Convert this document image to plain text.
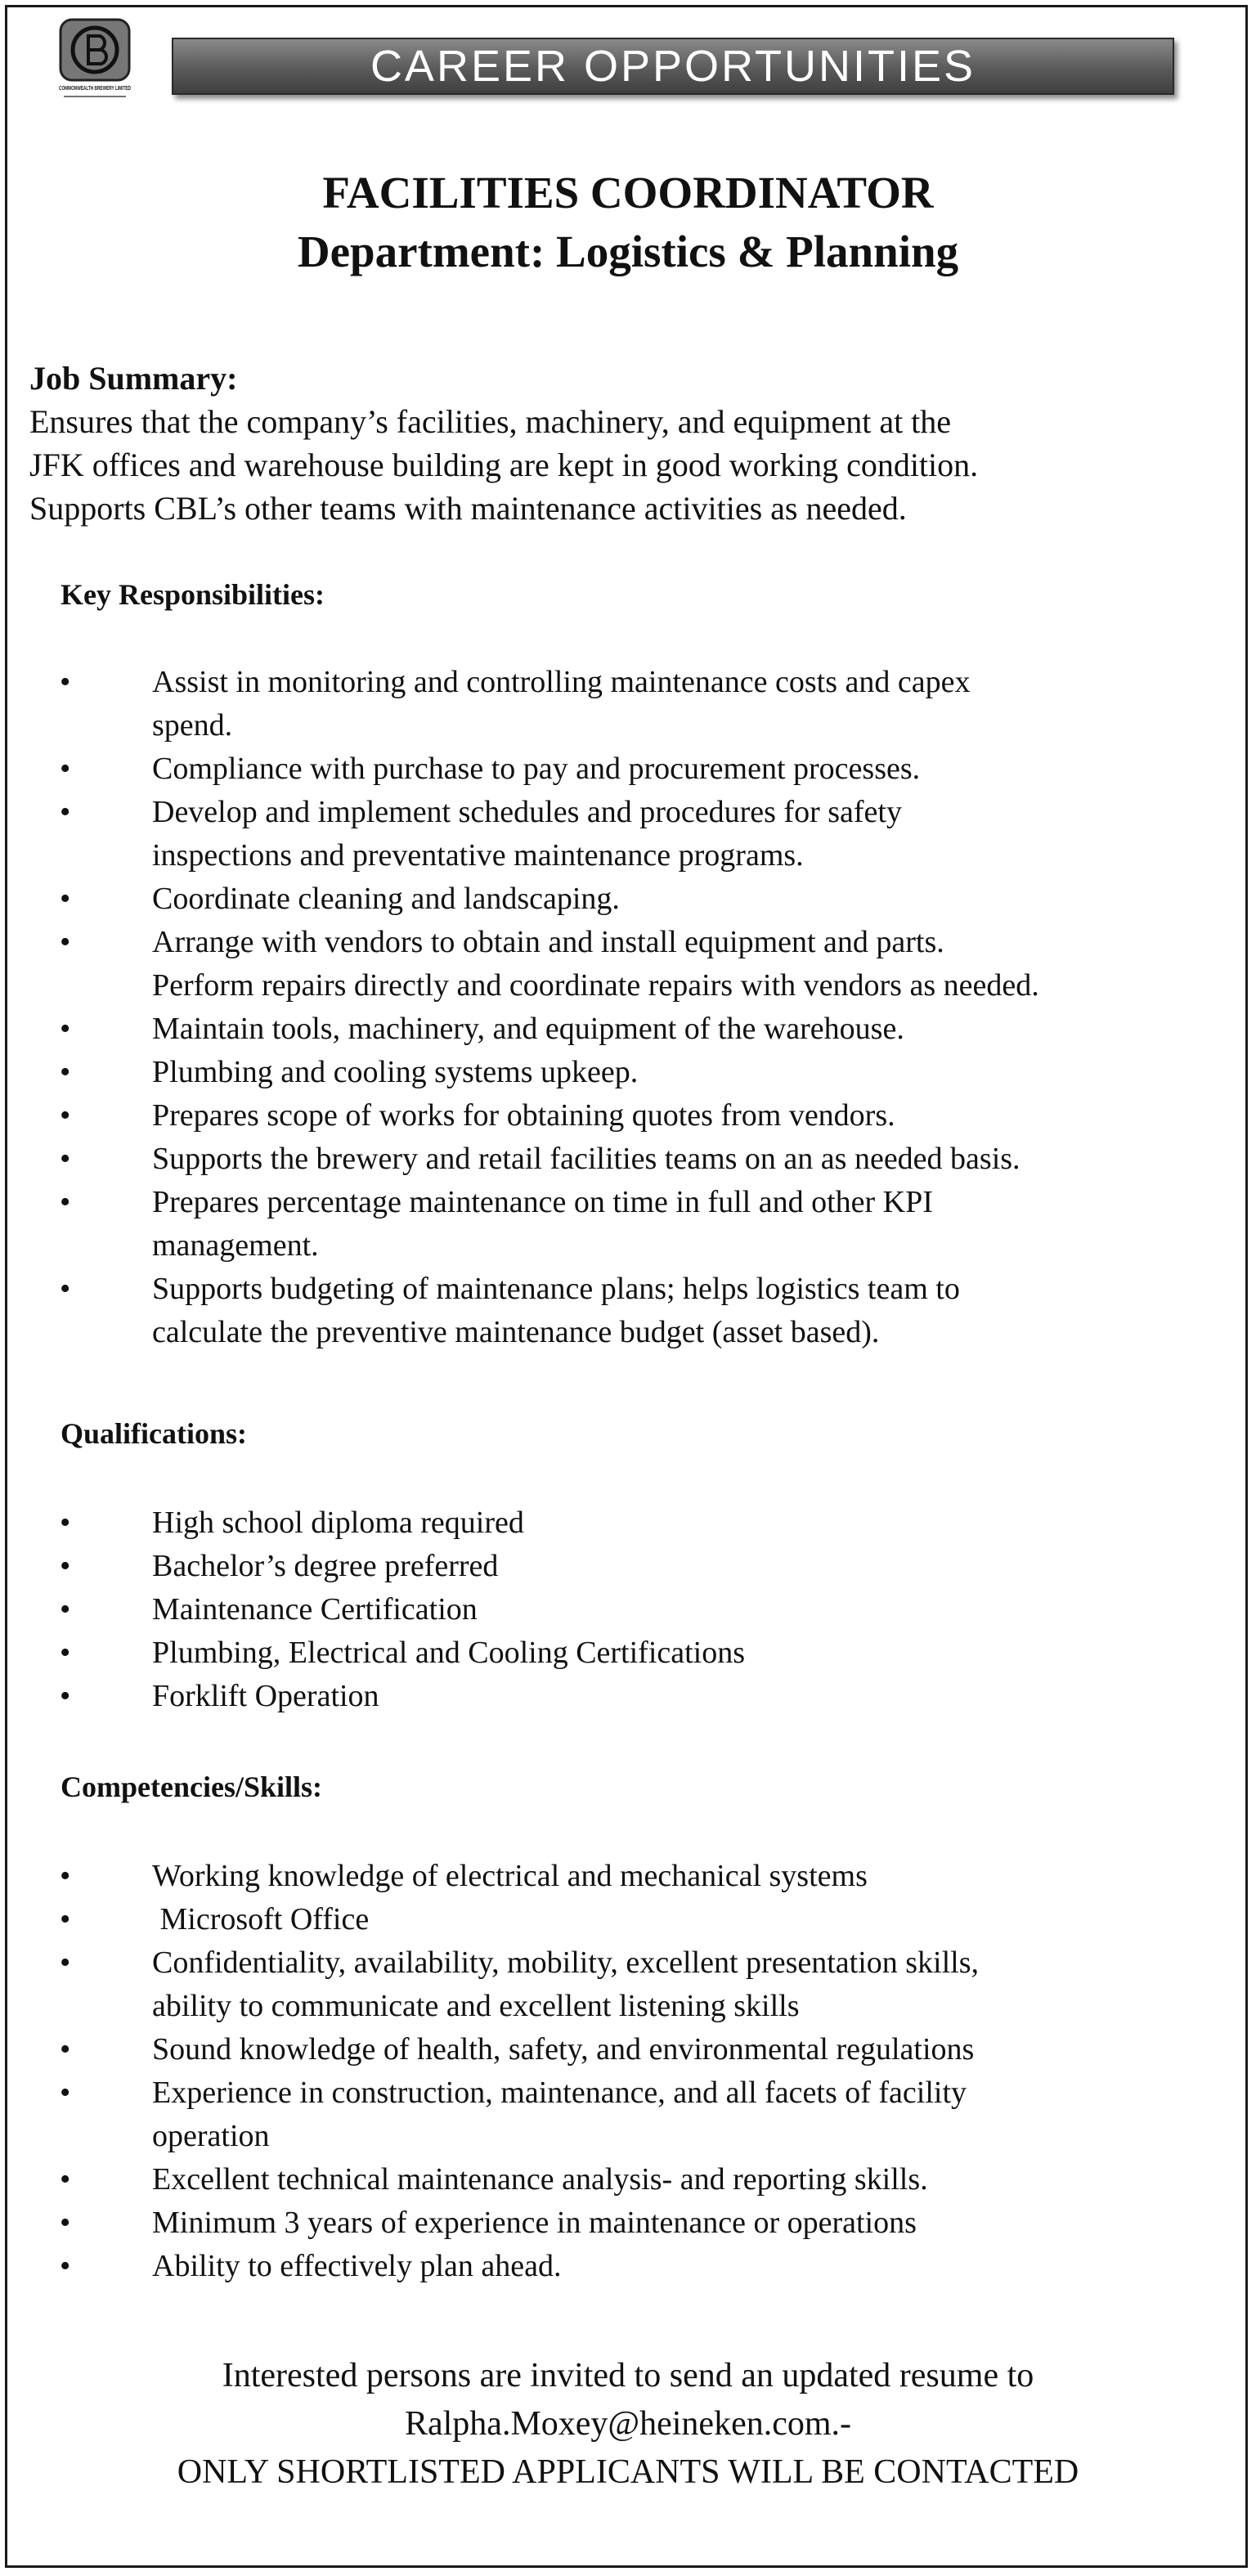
COMMONWEALTH BREWERY LIMITED	CAREER OPPORTUNITIES
FACILITIES COORDINATOR
Department: Logistics & Planning
Job Summary:
Ensures that the company’s facilities, machinery, and equipment at the
JFK offices and warehouse building are kept in good working condition.
Supports CBL’s other teams with maintenance activities as needed.
Key Responsibilities:
•	Assist in monitoring and controlling maintenance costs and capex
spend.
•	Compliance with purchase to pay and procurement processes.
•	Develop and implement schedules and procedures for safety
inspections and preventative maintenance programs.
•	Coordinate cleaning and landscaping.
•	Arrange with vendors to obtain and install equipment and parts.
Perform repairs directly and coordinate repairs with vendors as needed.
•	Maintain tools, machinery, and equipment of the warehouse.
•	Plumbing and cooling systems upkeep.
•	Prepares scope of works for obtaining quotes from vendors.
•	Supports the brewery and retail facilities teams on an as needed basis.
•	Prepares percentage maintenance on time in full and other KPI
management.
•	Supports budgeting of maintenance plans; helps logistics team to
calculate the preventive maintenance budget (asset based).
Qualifications:
•	High school diploma required
•	Bachelor’s degree preferred
•	Maintenance Certification
•	Plumbing, Electrical and Cooling Certifications
•	Forklift Operation
Competencies/Skills:
•	Working knowledge of electrical and mechanical systems
•	Microsoft Office
•	Confidentiality, availability, mobility, excellent presentation skills,
ability to communicate and excellent listening skills
•	Sound knowledge of health, safety, and environmental regulations
•	Experience in construction, maintenance, and all facets of facility
operation
•	Excellent technical maintenance analysis- and reporting skills.
•	Minimum 3 years of experience in maintenance or operations
•	Ability to effectively plan ahead.
Interested persons are invited to send an updated resume to
Ralpha.Moxey@heineken.com.-
ONLY SHORTLISTED APPLICANTS WILL BE CONTACTED
